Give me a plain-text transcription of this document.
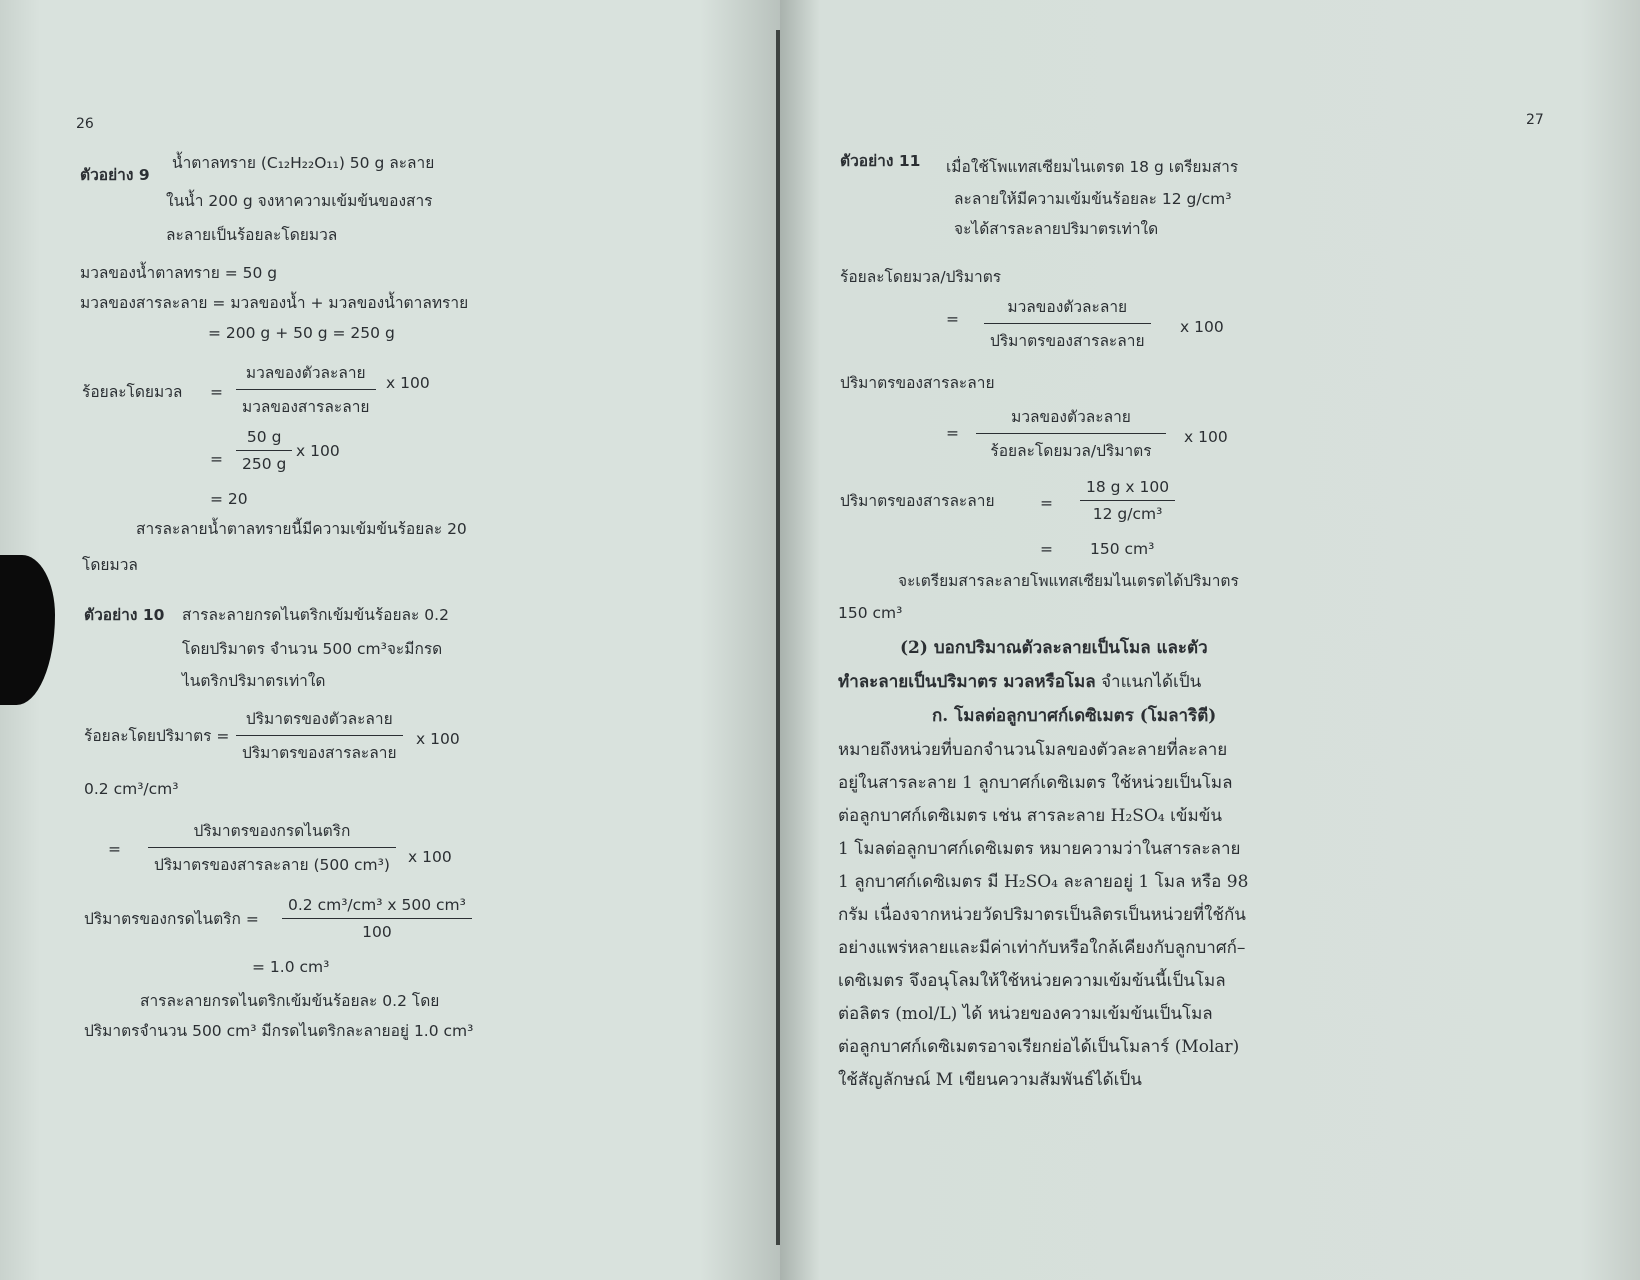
26
ตัวอย่าง 9
น้ำตาลทราย (C₁₂H₂₂O₁₁) 50 g ละลาย
ในน้ำ 200 g จงหาความเข้มข้นของสาร
ละลายเป็นร้อยละโดยมวล
มวลของน้ำตาลทราย = 50 g
มวลของสารละลาย = มวลของน้ำ + มวลของน้ำตาลทราย
= 200 g + 50 g = 250 g
ร้อยละโดยมวล =
มวลของตัวละลาย
มวลของสารละลาย
x 100
=
50 g
250 g
x 100
= 20
สารละลายน้ำตาลทรายนี้มีความเข้มข้นร้อยละ 20
โดยมวล
ตัวอย่าง 10 สารละลายกรดไนตริกเข้มข้นร้อยละ 0.2
โดยปริมาตร จำนวน 500 cm³จะมีกรด
ไนตริกปริมาตรเท่าใด
ร้อยละโดยปริมาตร =
ปริมาตรของตัวละลาย
ปริมาตรของสารละลาย
x 100
0.2 cm³/cm³
=
ปริมาตรของกรดไนตริก
ปริมาตรของสารละลาย (500 cm³)	x 100
ปริมาตรของกรดไนตริก =
0.2 cm³/cm³ x 500 cm³
100
= 1.0 cm³
สารละลายกรดไนตริกเข้มข้นร้อยละ 0.2 โดย
ปริมาตรจำนวน 500 cm³ มีกรดไนตริกละลายอยู่ 1.0 cm³
27
ตัวอย่าง 11 เมื่อใช้โพแทสเซียมไนเตรต 18 g เตรียมสาร
ละลายให้มีความเข้มข้นร้อยละ 12 g/cm³
จะได้สารละลายปริมาตรเท่าใด
ร้อยละโดยมวล/ปริมาตร
=
มวลของตัวละลาย
ปริมาตรของสารละลาย
x 100
ปริมาตรของสารละลาย
=
มวลของตัวละลาย
ร้อยละโดยมวล/ปริมาตร
x 100
ปริมาตรของสารละลาย	=
18 g x 100
12 g/cm³
= 150 cm³
จะเตรียมสารละลายโพแทสเซียมไนเตรตได้ปริมาตร
150 cm³
(2) บอกปริมาณตัวละลายเป็นโมล และตัว
ทำละลายเป็นปริมาตร มวลหรือโมล จำแนกได้เป็น
ก. โมลต่อลูกบาศก์เดซิเมตร (โมลาริตี)
หมายถึงหน่วยที่บอกจำนวนโมลของตัวละลายที่ละลาย
อยู่ในสารละลาย 1 ลูกบาศก์เดซิเมตร ใช้หน่วยเป็นโมล
ต่อลูกบาศก์เดซิเมตร เช่น สารละลาย H₂SO₄ เข้มข้น
1 โมลต่อลูกบาศก์เดซิเมตร หมายความว่าในสารละลาย
1 ลูกบาศก์เดซิเมตร มี H₂SO₄ ละลายอยู่ 1 โมล หรือ 98
กรัม เนื่องจากหน่วยวัดปริมาตรเป็นลิตรเป็นหน่วยที่ใช้กัน
อย่างแพร่หลายและมีค่าเท่ากับหรือใกล้เคียงกับลูกบาศก์–
เดซิเมตร จึงอนุโลมให้ใช้หน่วยความเข้มข้นนี้เป็นโมล
ต่อลิตร (mol/L) ได้ หน่วยของความเข้มข้นเป็นโมล
ต่อลูกบาศก์เดซิเมตรอาจเรียกย่อได้เป็นโมลาร์ (Molar)
ใช้สัญลักษณ์ M เขียนความสัมพันธ์ได้เป็น
